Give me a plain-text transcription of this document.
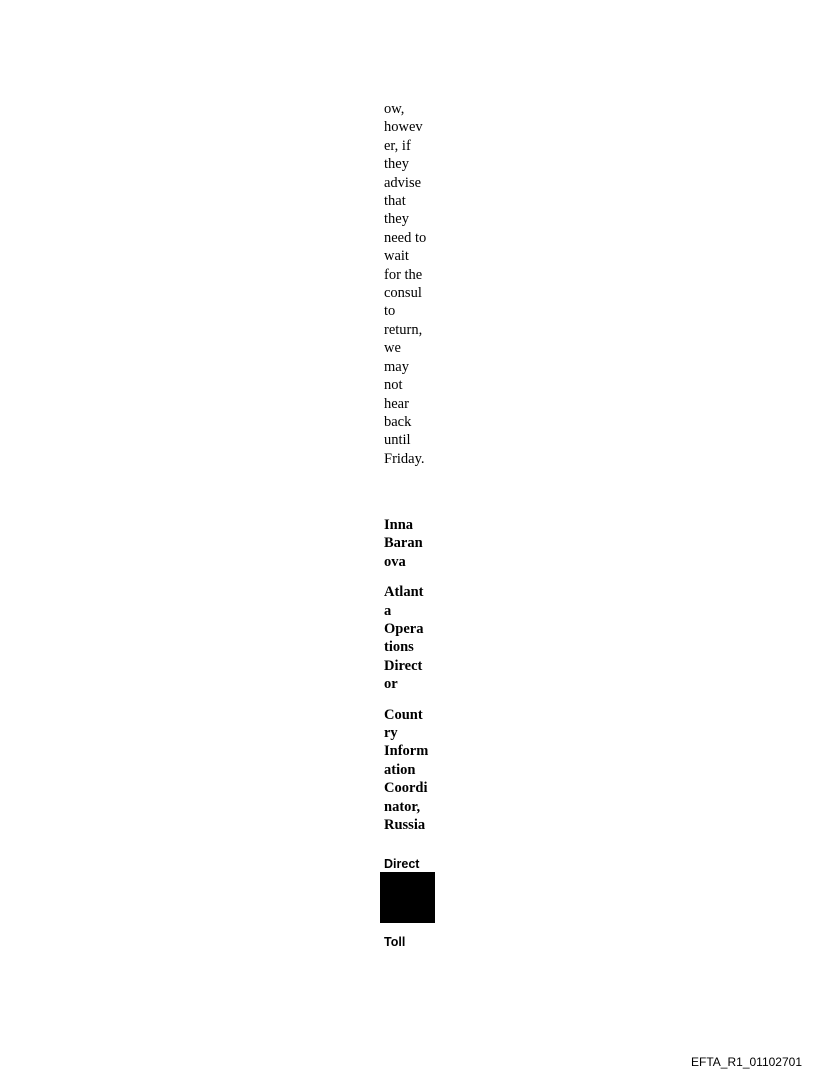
ow,
howev
er, if
they
advise
that
they
need to
wait
for the
consul
to
return,
we
may
not
hear
back
until
Friday.
Inna
Baran
ova
Atlant
a
Opera
tions
Direct
or
Count
ry
Inform
ation
Coordi
nator,
Russia
Direct
Toll
EFTA_R1_01102701
